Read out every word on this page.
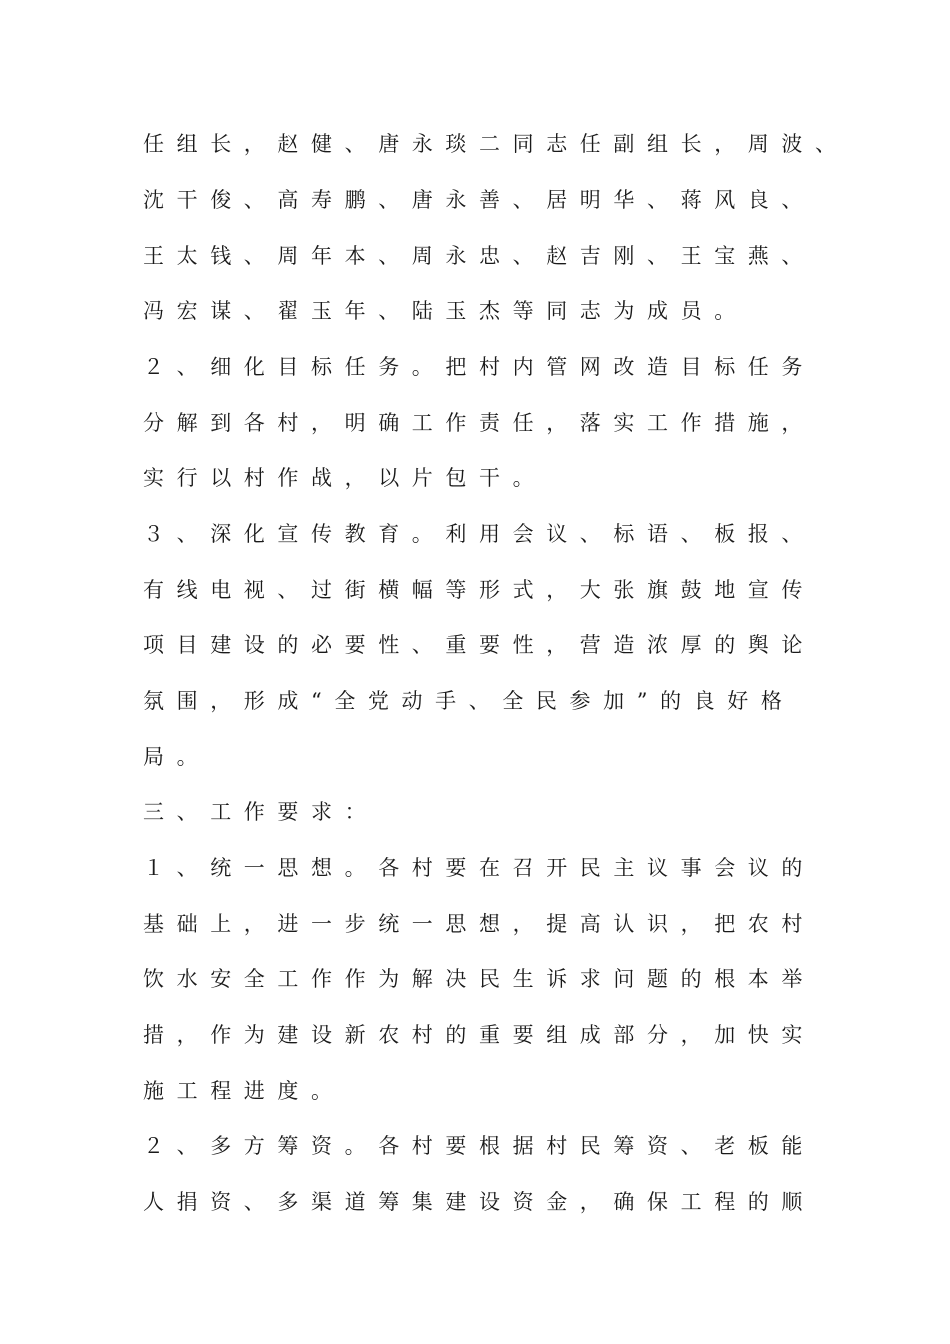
任组长，赵健、唐永琰二同志任副组长，周波、

沈干俊、高寿鹏、唐永善、居明华、蒋风良、

王太钱、周年本、周永忠、赵吉刚、王宝燕、

冯宏谋、翟玉年、陆玉杰等同志为成员。

２、细化目标任务。把村内管网改造目标任务

分解到各村，明确工作责任，落实工作措施，

实行以村作战，以片包干。

３、深化宣传教育。利用会议、标语、板报、

有线电视、过街横幅等形式，大张旗鼓地宣传

项目建设的必要性、重要性，营造浓厚的舆论

氛围，形成“全党动手、全民参加”的良好格

局。

三、工作要求：

１、统一思想。各村要在召开民主议事会议的

基础上，进一步统一思想，提高认识，把农村

饮水安全工作作为解决民生诉求问题的根本举

措，作为建设新农村的重要组成部分，加快实

施工程进度。

２、多方筹资。各村要根据村民筹资、老板能

人捐资、多渠道筹集建设资金，确保工程的顺
